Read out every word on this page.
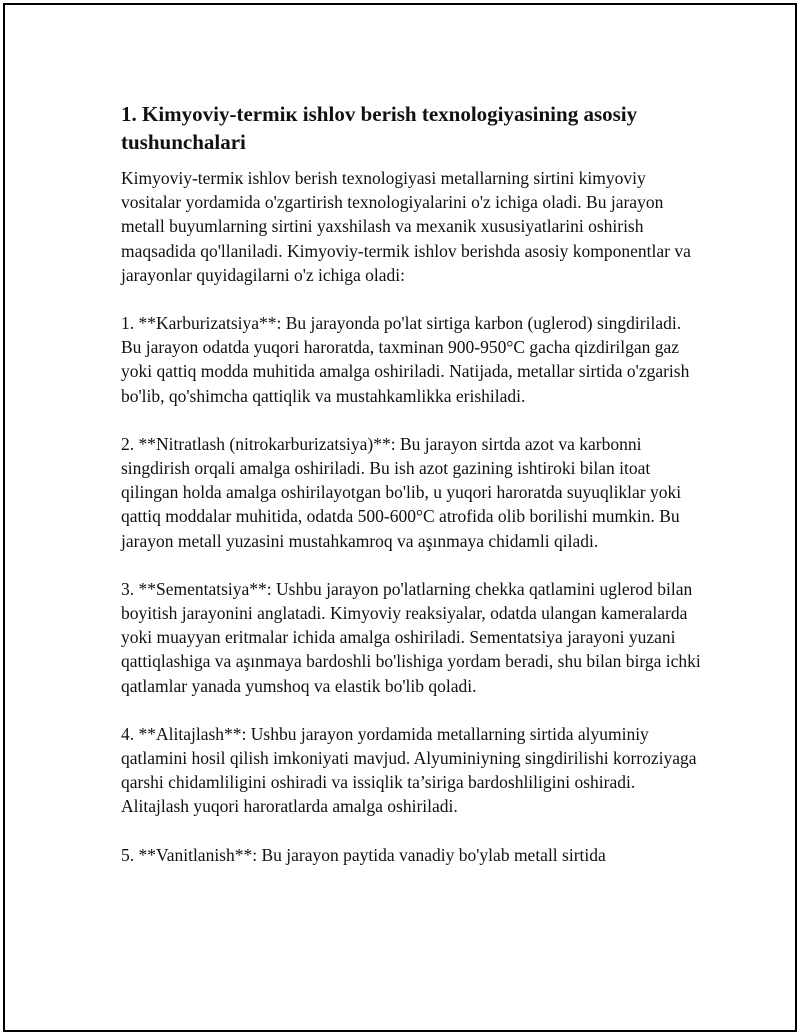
1. Kimyoviy-termiк ishlov berish texnologiyasining asosiy tushunchalari

Kimyoviy-termiк ishlov berish texnologiyasi metallarning sirtini kimyoviy vositalar yordamida o'zgartirish texnologiyalarini o'z ichiga oladi. Bu jarayon metall buyumlarning sirtini yaxshilash va mexanik xususiyatlarini oshirish maqsadida qo'llaniladi. Kimyoviy-termik ishlov berishda asosiy komponentlar va jarayonlar quyidagilarni o'z ichiga oladi:

1. **Karburizatsiya**: Bu jarayonda po'lat sirtiga karbon (uglerod) singdiriladi. Bu jarayon odatda yuqori haroratda, taxminan 900-950°C gacha qizdirilgan gaz yoki qattiq modda muhitida amalga oshiriladi. Natijada, metallar sirtida o'zgarish bo'lib, qo'shimcha qattiqlik va mustahkamlikka erishiladi.

2. **Nitratlash (nitrokarburizatsiya)**: Bu jarayon sirtda azot va karbonni singdirish orqali amalga oshiriladi. Bu ish azot gazining ishtiroki bilan itoat qilingan holda amalga oshirilayotgan bo'lib, u yuqori haroratda suyuqliklar yoki qattiq moddalar muhitida, odatda 500-600°C atrofida olib borilishi mumkin. Bu jarayon metall yuzasini mustahkamroq va aşınmaya chidamli qiladi.

3. **Sementatsiya**: Ushbu jarayon po'latlarning chekka qatlamini uglerod bilan boyitish jarayonini anglatadi. Kimyoviy reaksiyalar, odatda ulangan kameralarda yoki muayyan eritmalar ichida amalga oshiriladi. Sementatsiya jarayoni yuzani qattiqlashiga va aşınmaya bardoshli bo'lishiga yordam beradi, shu bilan birga ichki qatlamlar yanada yumshoq va elastik bo'lib qoladi.

4. **Alitajlash**: Ushbu jarayon yordamida metallarning sirtida alyuminiy qatlamini hosil qilish imkoniyati mavjud. Alyuminiyning singdirilishi korroziyaga qarshi chidamliligini oshiradi va issiqlik ta’siriga bardoshliligini oshiradi. Alitajlash yuqori haroratlarda amalga oshiriladi.

5. **Vanitlanish**: Bu jarayon paytida vanadiy bo'ylab metall sirtida
